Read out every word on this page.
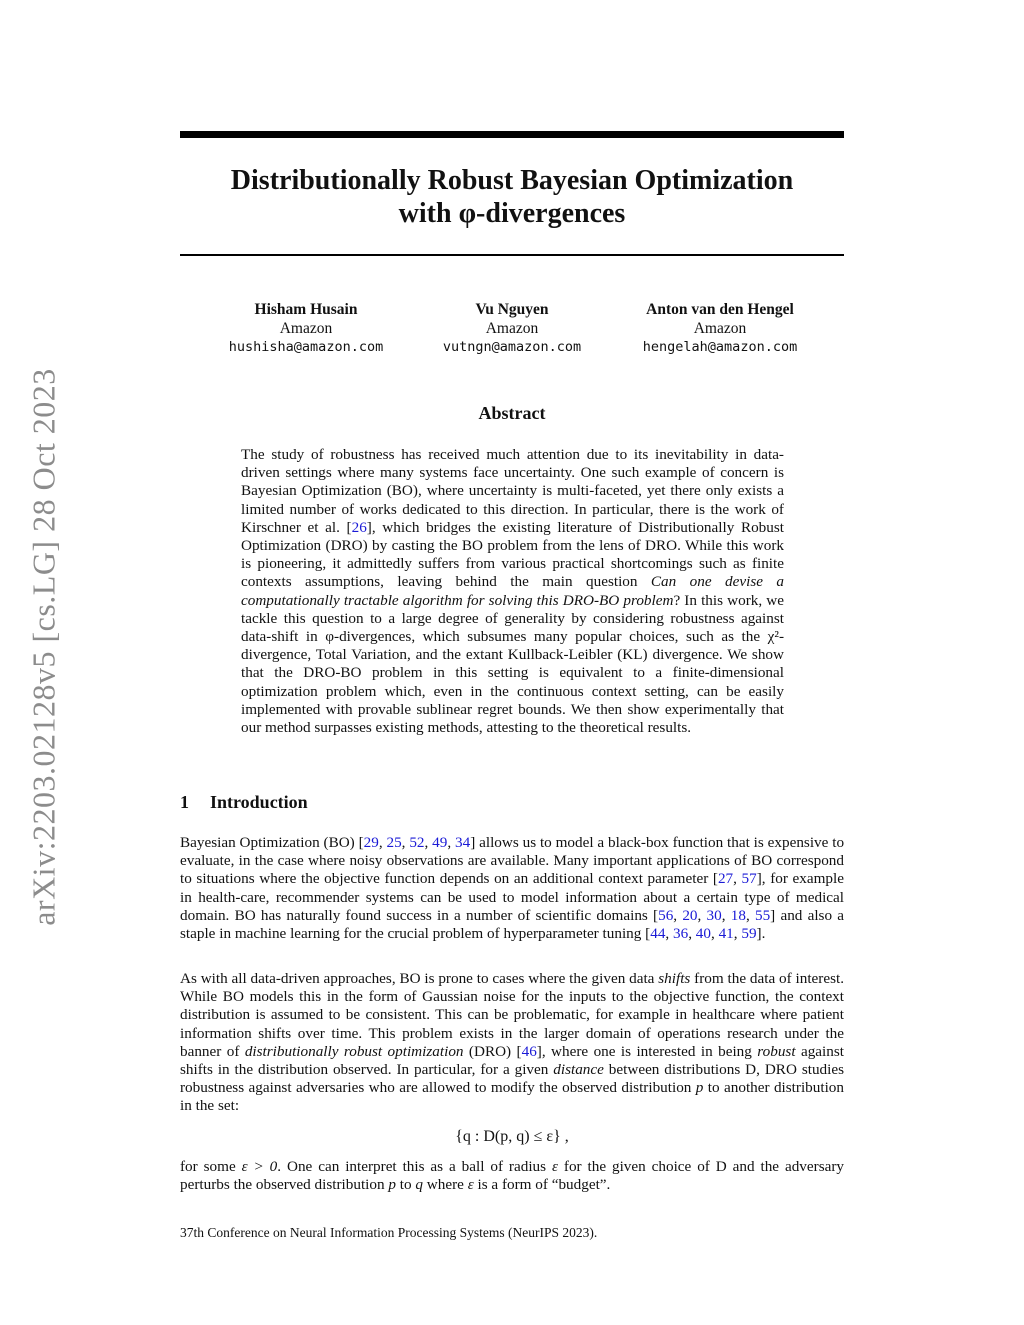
arXiv:2203.02128v5 [cs.LG] 28 Oct 2023
Distributionally Robust Bayesian Optimization
with φ-divergences
Hisham Husain
Amazon
hushisha@amazon.com
Vu Nguyen
Amazon
vutngn@amazon.com
Anton van den Hengel
Amazon
hengelah@amazon.com
Abstract

The study of robustness has received much attention due to its inevitability in data-driven settings where many systems face uncertainty. One such example of concern is Bayesian Optimization (BO), where uncertainty is multi-faceted, yet there only exists a limited number of works dedicated to this direction. In particular, there is the work of Kirschner et al. [26], which bridges the existing literature of Distributionally Robust Optimization (DRO) by casting the BO problem from the lens of DRO. While this work is pioneering, it admittedly suffers from various practical shortcomings such as finite contexts assumptions, leaving behind the main question Can one devise a computationally tractable algorithm for solving this DRO-BO problem? In this work, we tackle this question to a large degree of generality by considering robustness against data-shift in φ-divergences, which subsumes many popular choices, such as the χ²-divergence, Total Variation, and the extant Kullback-Leibler (KL) divergence. We show that the DRO-BO problem in this setting is equivalent to a finite-dimensional optimization problem which, even in the continuous context setting, can be easily implemented with provable sublinear regret bounds. We then show experimentally that our method surpasses existing methods, attesting to the theoretical results.

1 Introduction

Bayesian Optimization (BO) [29, 25, 52, 49, 34] allows us to model a black-box function that is expensive to evaluate, in the case where noisy observations are available. Many important applications of BO correspond to situations where the objective function depends on an additional context parameter [27, 57], for example in health-care, recommender systems can be used to model information about a certain type of medical domain. BO has naturally found success in a number of scientific domains [56, 20, 30, 18, 55] and also a staple in machine learning for the crucial problem of hyperparameter tuning [44, 36, 40, 41, 59].

As with all data-driven approaches, BO is prone to cases where the given data shifts from the data of interest. While BO models this in the form of Gaussian noise for the inputs to the objective function, the context distribution is assumed to be consistent. This can be problematic, for example in healthcare where patient information shifts over time. This problem exists in the larger domain of operations research under the banner of distributionally robust optimization (DRO) [46], where one is interested in being robust against shifts in the distribution observed. In particular, for a given distance between distributions D, DRO studies robustness against adversaries who are allowed to modify the observed distribution p to another distribution in the set:

{q : D(p, q) ≤ ε} ,

for some ε > 0. One can interpret this as a ball of radius ε for the given choice of D and the adversary perturbs the observed distribution p to q where ε is a form of “budget”.

37th Conference on Neural Information Processing Systems (NeurIPS 2023).
